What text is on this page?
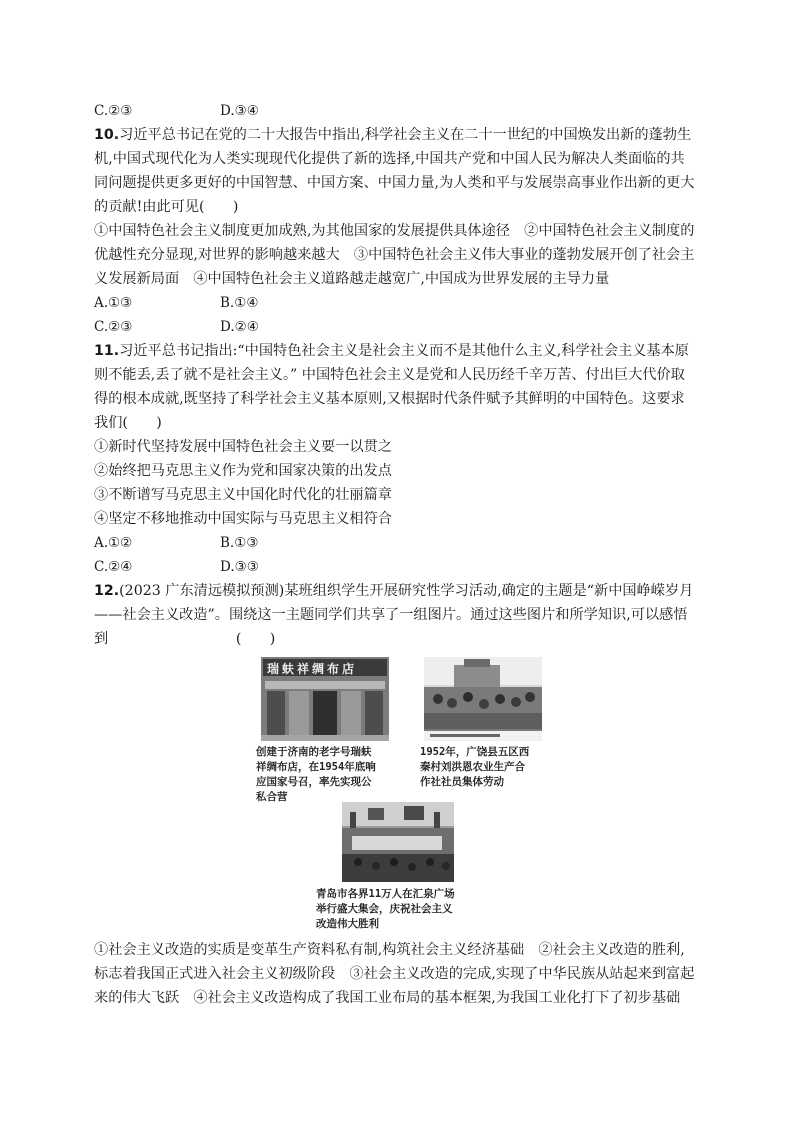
C.②③	D.③④
10.习近平总书记在党的二十大报告中指出,科学社会主义在二十一世纪的中国焕发出新的蓬勃生
机,中国式现代化为人类实现现代化提供了新的选择,中国共产党和中国人民为解决人类面临的共
同问题提供更多更好的中国智慧、中国方案、中国力量,为人类和平与发展崇高事业作出新的更大
的贡献!由此可见(　　)
①中国特色社会主义制度更加成熟,为其他国家的发展提供具体途径　②中国特色社会主义制度的
优越性充分显现,对世界的影响越来越大　③中国特色社会主义伟大事业的蓬勃发展开创了社会主
义发展新局面　④中国特色社会主义道路越走越宽广,中国成为世界发展的主导力量
A.①③	B.①④
C.②③	D.②④
11.习近平总书记指出:“中国特色社会主义是社会主义而不是其他什么主义,科学社会主义基本原
则不能丢,丢了就不是社会主义。” 中国特色社会主义是党和人民历经千辛万苦、付出巨大代价取
得的根本成就,既坚持了科学社会主义基本原则,又根据时代条件赋予其鲜明的中国特色。这要求
我们(　　)
①新时代坚持发展中国特色社会主义要一以贯之
②始终把马克思主义作为党和国家决策的出发点
③不断谱写马克思主义中国化时代化的壮丽篇章
④坚定不移地推动中国实际与马克思主义相符合
A.①②	B.①③
C.②④	D.③③
12.(2023 广东清远模拟预测)某班组织学生开展研究性学习活动,确定的主题是“新中国峥嵘岁月
——社会主义改造”。围绕这一主题同学们共享了一组图片。通过这些图片和所学知识,可以感悟
到　　　　　　　　　(　　)
瑞蚨祥绸布店
创建于济南的老字号瑞蚨
祥绸布店，在1954年底响
应国家号召，率先实现公
私合营
1952年，广饶县五区西
秦村刘洪恩农业生产合
作社社员集体劳动
青岛市各界11万人在汇泉广场
举行盛大集会，庆祝社会主义
改造伟大胜利
①社会主义改造的实质是变革生产资料私有制,构筑社会主义经济基础　②社会主义改造的胜利,
标志着我国正式进入社会主义初级阶段　③社会主义改造的完成,实现了中华民族从站起来到富起
来的伟大飞跃　④社会主义改造构成了我国工业布局的基本框架,为我国工业化打下了初步基础
